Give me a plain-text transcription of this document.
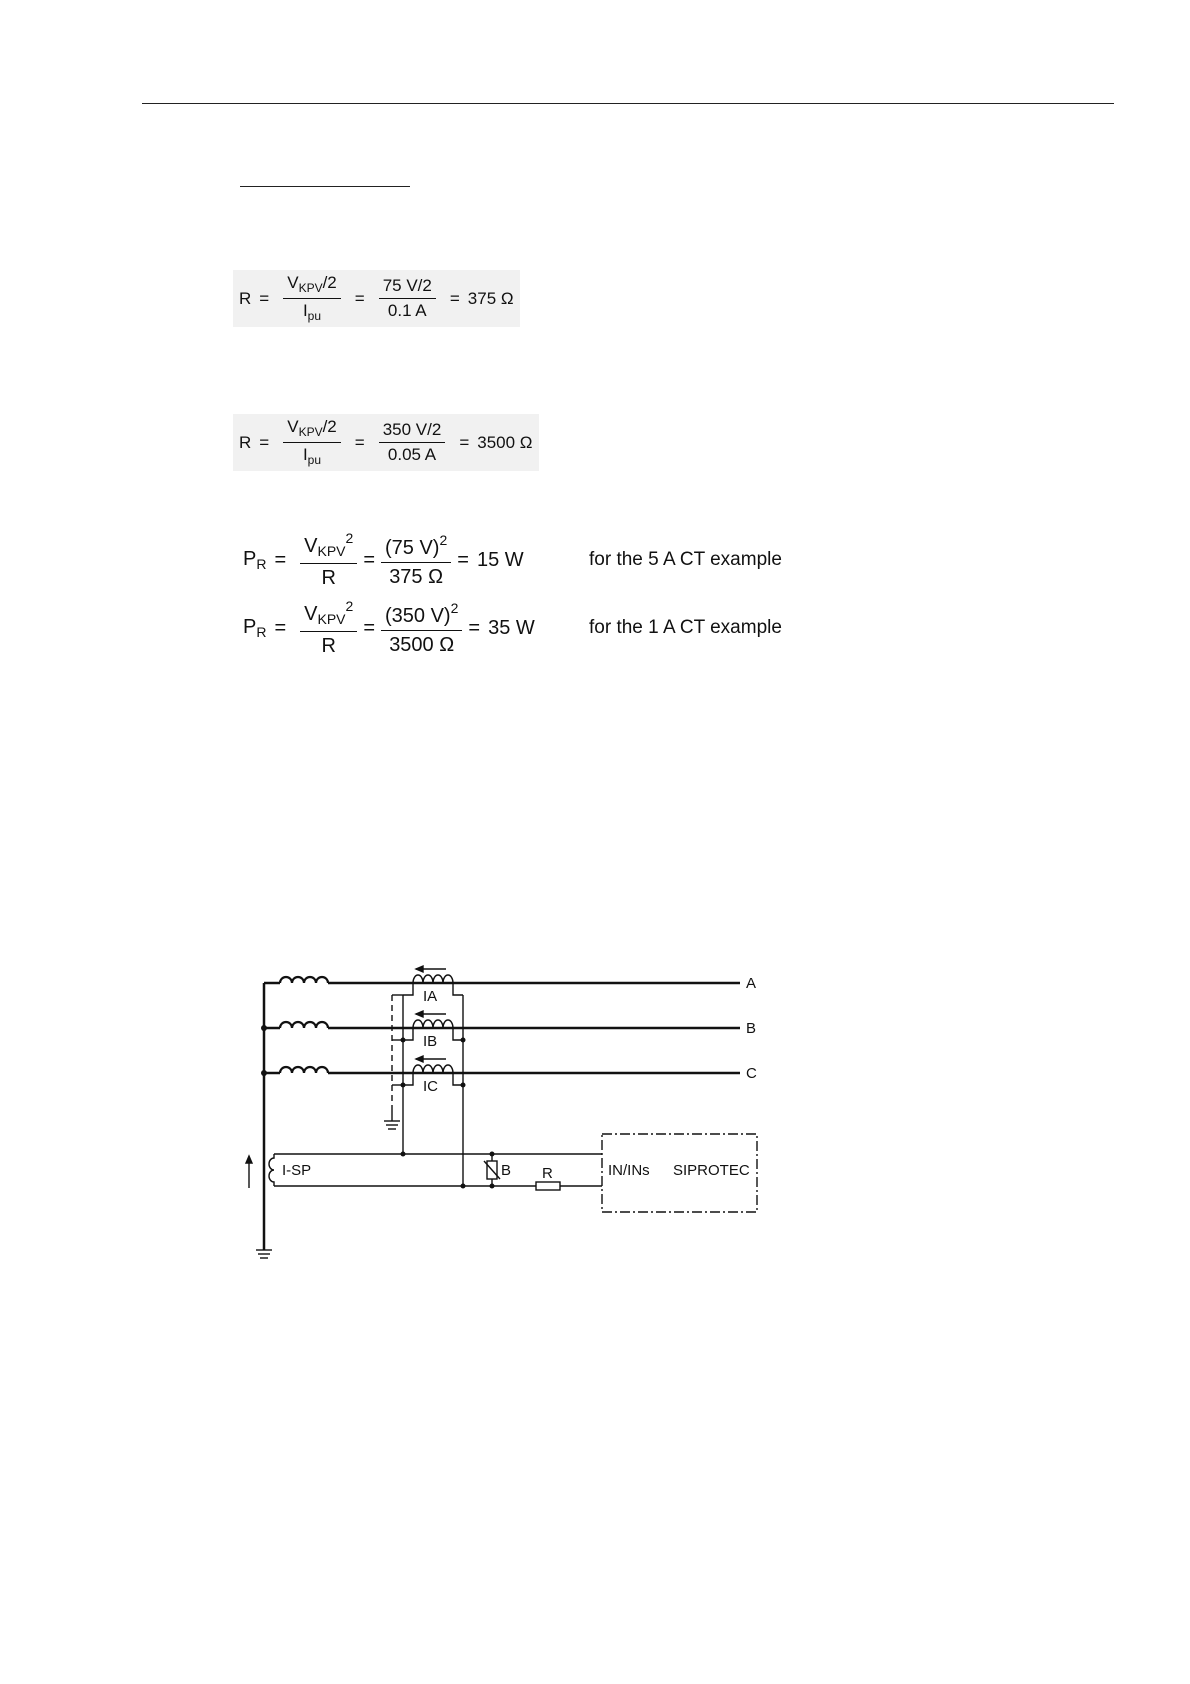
$R = \frac{V_{KPV}/2}{I_{pu}} = \frac{75 V/2}{0.1 A} = 375$ Ω
$R = \frac{V_{KPV}/2}{I_{pu}} = \frac{350 V/2}{0.05 A} = 3500$ Ω
$P_R = \frac{V_{KPV}^2}{R} = \frac{(75 V)^2}{375 \Omega} = 15$ W	for the 5 A CT example
$P_R = \frac{V_{KPV}^2}{R} = \frac{(350 V)^2}{3500 \Omega} = 35$ W	for the 1 A CT example
A
B
C
IA
IB
IC
I-SP	B R	IN/INs SIPROTEC
